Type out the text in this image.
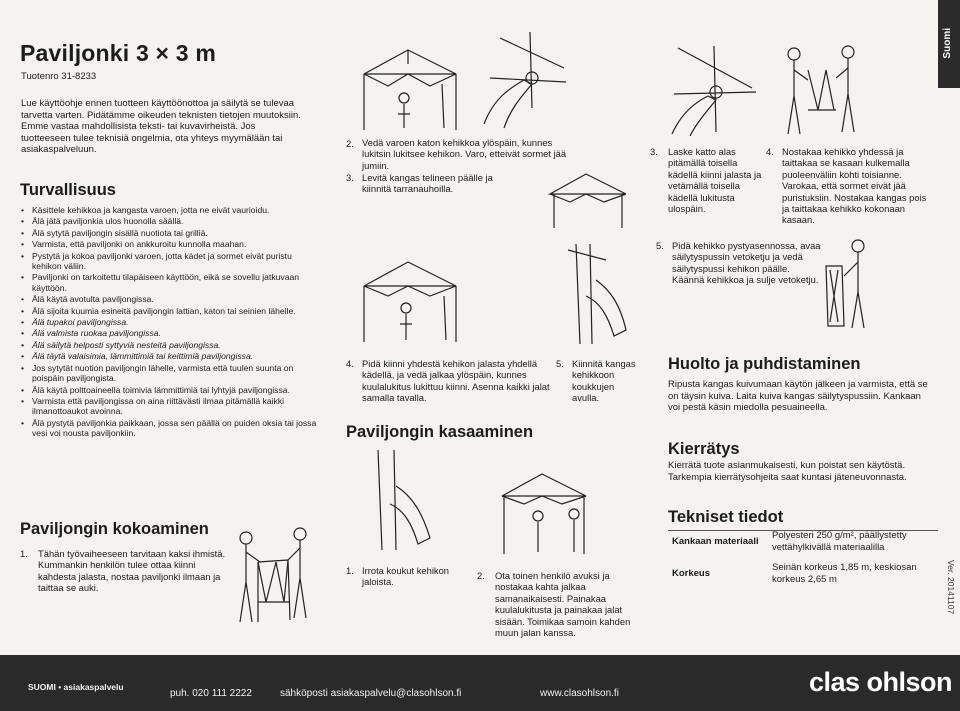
Paviljonki 3 × 3 m
Tuotenro 31-8233
Lue käyttöohje ennen tuotteen käyttöönottoa ja säilytä se tulevaa tarvetta varten. Pidätämme oikeuden teknisten tietojen muutoksiin. Emme vastaa mahdollisista teksti- tai kuvavirheistä. Jos tuotteeseen tulee teknisiä ongelmia, ota yhteys myymälään tai asiakaspalveluun.
Turvallisuus
• Käsittele kehikkoa ja kangasta varoen, jotta ne eivät vaurioidu.
• Älä jätä paviljonkia ulos huonolla säällä.
• Älä sytytä paviljongin sisällä nuotiota tai grilliä.
• Varmista, että paviljonki on ankkuroitu kunnolla maahan.
• Pystytä ja kokoa paviljonki varoen, jotta kädet ja sormet eivät puristu kehikon väliin.
• Paviljonki on tarkoitettu tilapäiseen käyttöön, eikä se sovellu jatkuvaan käyttöön.
• Älä käytä avotulta paviljongissa.
• Älä sijoita kuumia esineitä paviljongin lattian, katon tai seinien lähelle.
• Älä tupakoi paviljongissa.
• Älä valmista ruokaa paviljongissa.
• Älä säilytä helposti syttyviä nesteitä paviljongissa.
• Älä täytä valaisimia, lämmittimiä tai keittimiä paviljongissa.
• Jos sytytät nuotion paviljongin lähelle, varmista että tuulen suunta on poispäin paviljongista.
• Älä käytä polttoaineella toimivia lämmittimiä tai lyhtyjä paviljongissa.
• Varmista että paviljongissa on aina riittävästi ilmaa pitämällä kaikki ilmanottoaukot avoinna.
• Älä pystytä paviljonkia paikkaan, jossa sen päällä on puiden oksia tai jossa vesi voi nousta paviljonkiin.
Paviljongin kokoaminen
1. Tähän työvaiheeseen tarvitaan kaksi ihmistä. Kummankin henkilön tulee ottaa kiinni kahdesta jalasta, nostaa paviljonki ilmaan ja taittaa se auki.
2. Vedä varoen katon kehikkoa ylöspäin, kunnes lukitsin lukitsee kehikon. Varo, etteivät sormet jää jumiin.
3. Levitä kangas telineen päälle ja kiinnitä tarranauhoilla.
4. Pidä kiinni yhdestä kehikon jalasta yhdellä kädellä, ja vedä jalkaa ylöspäin, kunnes kuulalukitus lukittuu kiinni. Asenna kaikki jalat samalla tavalla.
5. Kiinnitä kangas kehikkoon koukkujen avulla.
Paviljongin kasaaminen
1. Irrota koukut kehikon jaloista.
2. Ota toinen henkilö avuksi ja nostakaa kahta jalkaa samanaikaisesti. Painakaa kuulalukitusta ja painakaa jalat sisään. Toimikaa samoin kahden muun jalan kanssa.
3. Laske katto alas pitämällä toisella kädellä kiinni jalasta ja vetämällä toisella kädellä lukitusta ulospäin.
4. Nostakaa kehikko yhdessä ja taittakaa se kasaan kulkemalla puoleenväliin kohti toisianne. Varokaa, että sormet eivät jää puristuksiin. Nostakaa kangas pois ja taittakaa kehikko kokonaan kasaan.
5. Pidä kehikko pystyasennossa, avaa säilytyspussin vetoketju ja vedä säilytyspussi kehikon päälle. Käännä kehikkoa ja sulje vetoketju.
Huolto ja puhdistaminen
Ripusta kangas kuivumaan käytön jälkeen ja varmista, että se on täysin kuiva. Laita kuiva kangas säilytyspussiin. Kankaan voi pestä käsin miedolla pesuaineella.
Kierrätys
Kierrätä tuote asianmukaisesti, kun poistat sen käytöstä. Tarkempia kierrätysohjeita saat kuntasi jäteneuvonnasta.
Tekniset tiedot
Kankaan materiaali
Polyesteri 250 g/m², päällystetty vettähylkivällä materiaalilla
Korkeus
Seinän korkeus 1,85 m, keskiosan korkeus 2,65 m
Suomi
Ver. 20141107
SUOMI • asiakaspalvelu
puh. 020 111 2222	sähköposti asiakaspalvelu@clasohlson.fi	www.clasohlson.fi	clas ohlson
